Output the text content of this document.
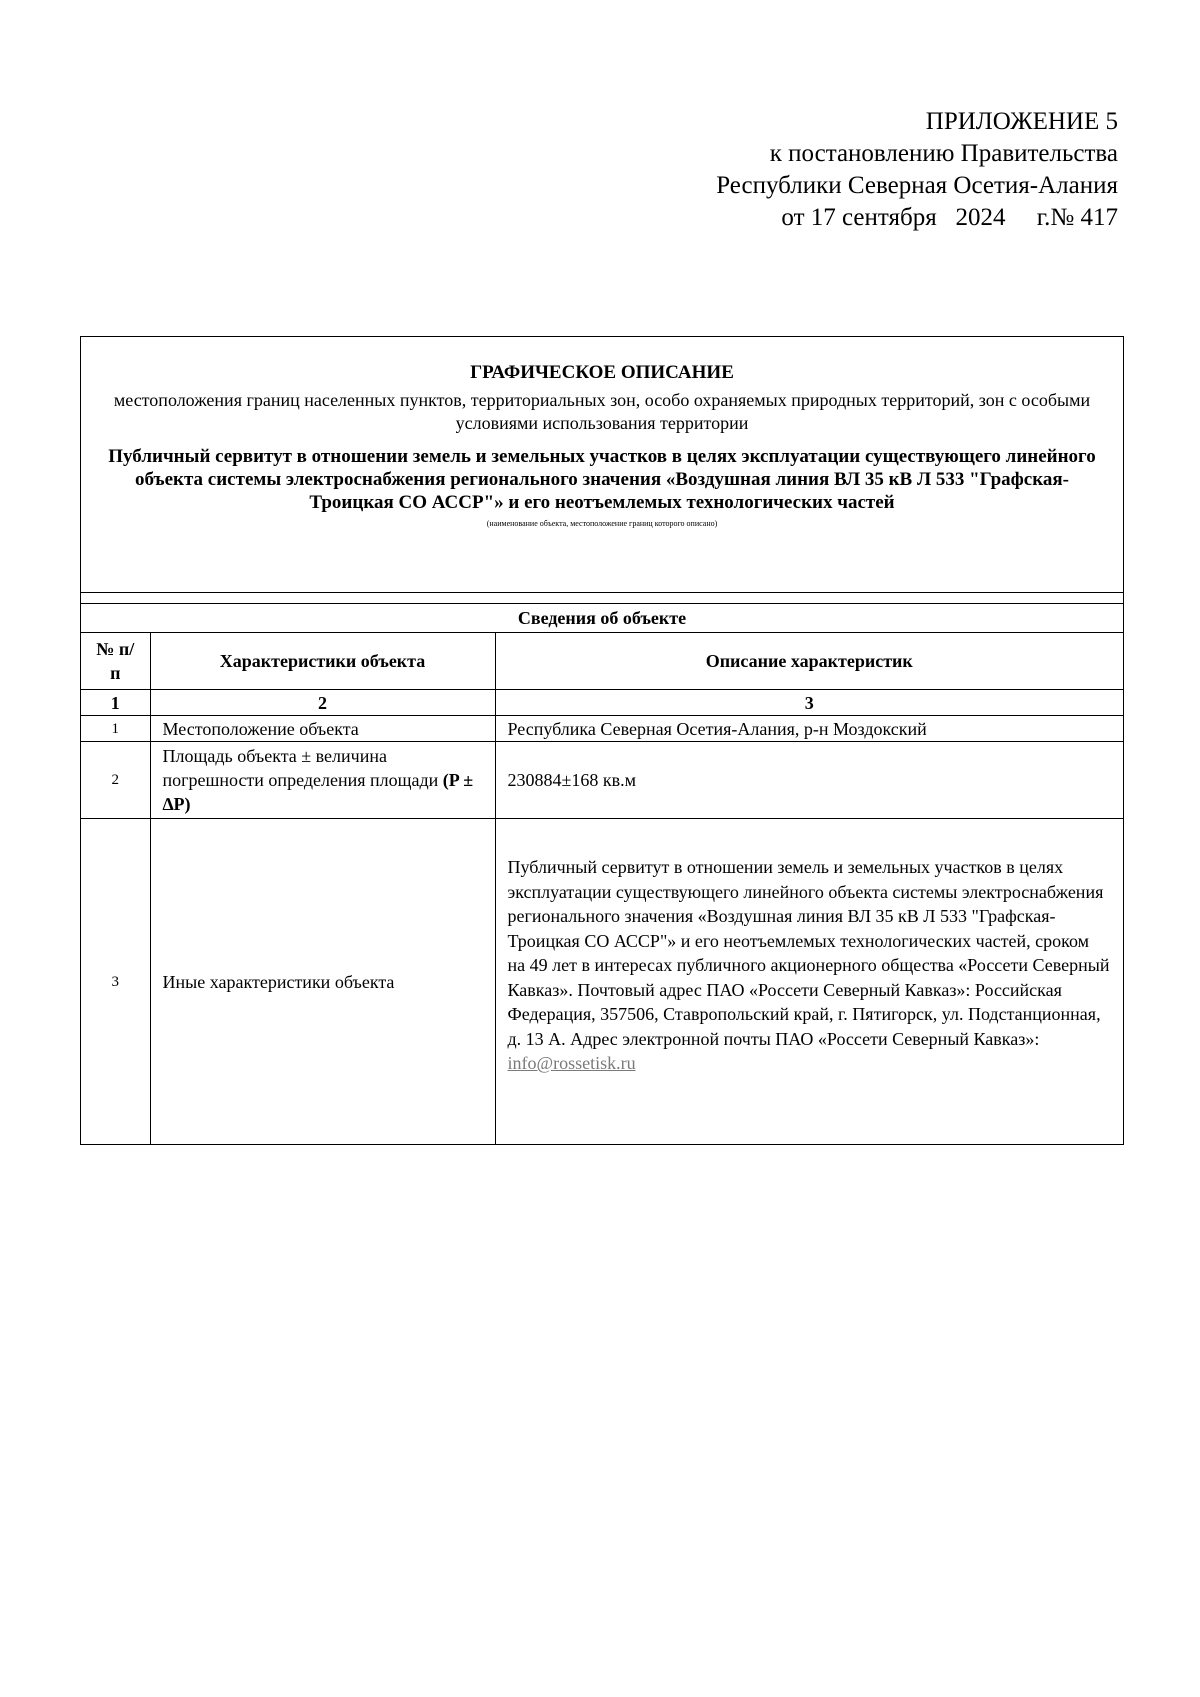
ПРИЛОЖЕНИЕ 5
к постановлению Правительства
Республики Северная Осетия-Алания
от 17 сентября   2024     г.№ 417
ГРАФИЧЕСКОЕ ОПИСАНИЕ
местоположения границ населенных пунктов, территориальных зон, особо охраняемых природных территорий, зон с особыми условиями использования территории
Публичный сервитут в отношении земель и земельных участков в целях эксплуатации существующего линейного объекта системы электроснабжения регионального значения «Воздушная линия ВЛ 35 кВ Л 533 "Графская-Троицкая СО АССР"» и его неотъемлемых технологических частей
(наименование объекта, местоположение границ которого описано)
Сведения об объекте		
№ п/п	Характеристики объекта	Описание характеристик
1	2	3
1	Местоположение объекта	Республика Северная Осетия-Алания, р-н Моздокский
2	Площадь объекта ± величина погрешности определения площади (P ± ∆P)	230884±168 кв.м
3	Иные характеристики объекта	Публичный сервитут в отношении земель и земельных участков в целях эксплуатации существующего линейного объекта системы электроснабжения регионального значения «Воздушная линия ВЛ 35 кВ Л 533 "Графская-Троицкая СО АССР"» и его неотъемлемых технологических частей, сроком на 49 лет в интересах публичного акционерного общества «Россети Северный Кавказ». Почтовый адрес ПАО «Россети Северный Кавказ»: Российская Федерация, 357506, Ставропольский край, г. Пятигорск, ул. Подстанционная, д. 13 А. Адрес электронной почты ПАО «Россети Северный Кавказ»: info@rossetisk.ru
